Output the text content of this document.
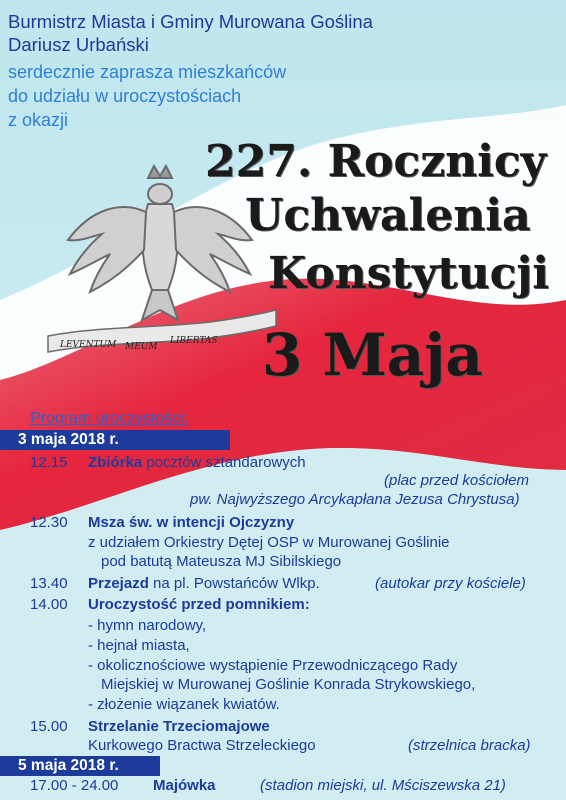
LEVENTUM MEUM
LIBERTAS
Burmistrz Miasta i Gminy Murowana Goślina
Dariusz Urbański
serdecznie zaprasza mieszkańców
do udziału w uroczystościach
z okazji
227. Rocznicy
Uchwalenia
Konstytucji
3 Maja
Program uroczystości:
3 maja 2018 r.
12.15 Zbiórka pocztów sztandarowych
(plac przed kościołem
pw. Najwyższego Arcykapłana Jezusa Chrystusa)
12.30 Msza św. w intencji Ojczyzny
z udziałem Orkiestry Dętej OSP w Murowanej Goślinie
pod batutą Mateusza MJ Sibilskiego
13.40 Przejazd na pl. Powstańców Wlkp.	(autokar przy kościele)
14.00 Uroczystość przed pomnikiem:
- hymn narodowy,
- hejnał miasta,
- okolicznościowe wystąpienie Przewodniczącego Rady
Miejskiej w Murowanej Goślinie Konrada Strykowskiego,
- złożenie wiązanek kwiatów.
15.00 Strzelanie Trzeciomajowe
Kurkowego Bractwa Strzeleckiego	(strzelnica bracka)
5 maja 2018 r.
17.00 - 24.00 Majówka	(stadion miejski, ul. Mściszewska 21)
